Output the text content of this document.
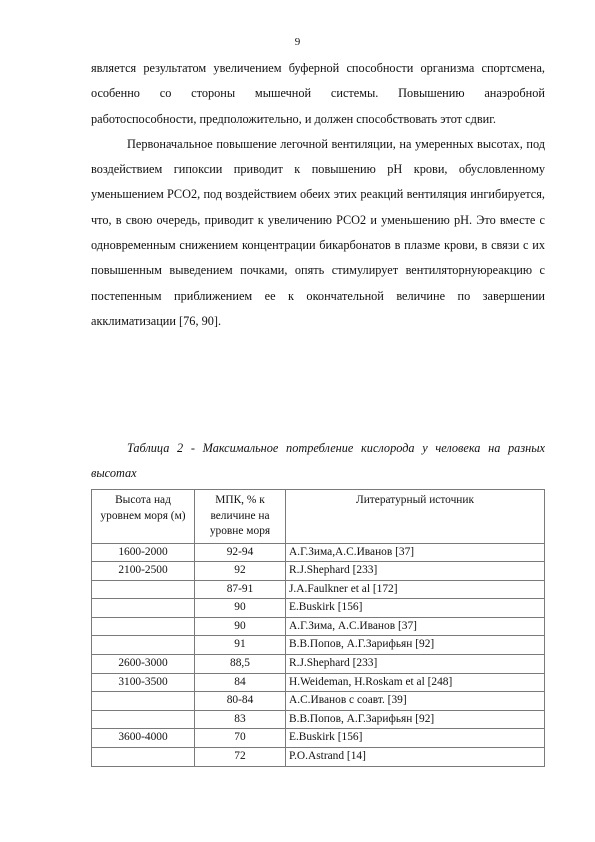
9

является результатом увеличением буферной способности организма спортсмена, особенно со стороны мышечной системы. Повышению анаэробной работоспособности, предположительно, и должен способствовать этот сдвиг.

Первоначальное повышение легочной вентиляции, на умеренных высотах, под воздействием гипоксии приводит к повышению pH крови, обусловленному уменьшением PCO2, под воздействием обеих этих реакций вентиляция ингибируется, что, в свою очередь, приводит к увеличению PCO2 и уменьшению pH. Это вместе с одновременным снижением концентрации бикарбонатов в плазме крови, в связи с их повышенным выведением почками, опять стимулирует вентиляторнуюреакцию с постепенным приближением ее к окончательной величине по завершении акклиматизации [76, 90].

Таблица 2 - Максимальное потребление кислорода у человека на разных высотах

Высота над уровнем моря (м)	МПК, % к величине на уровне моря	Литературный источник
1600-2000	92-94	А.Г.Зима,А.С.Иванов [37]
2100-2500	92	R.J.Shephard [233]
	87-91	J.A.Faulkner et al [172]
	90	E.Buskirk [156]
	90	А.Г.Зима, А.С.Иванов [37]
	91	В.В.Попов, А.Г.Зарифьян [92]
2600-3000	88,5	R.J.Shephard [233]
3100-3500	84	H.Weideman, H.Roskam et al [248]
	80-84	А.С.Иванов с соавт. [39]
	83	В.В.Попов, А.Г.Зарифьян [92]
3600-4000	70	E.Buskirk [156]
	72	P.O.Astrand [14]
